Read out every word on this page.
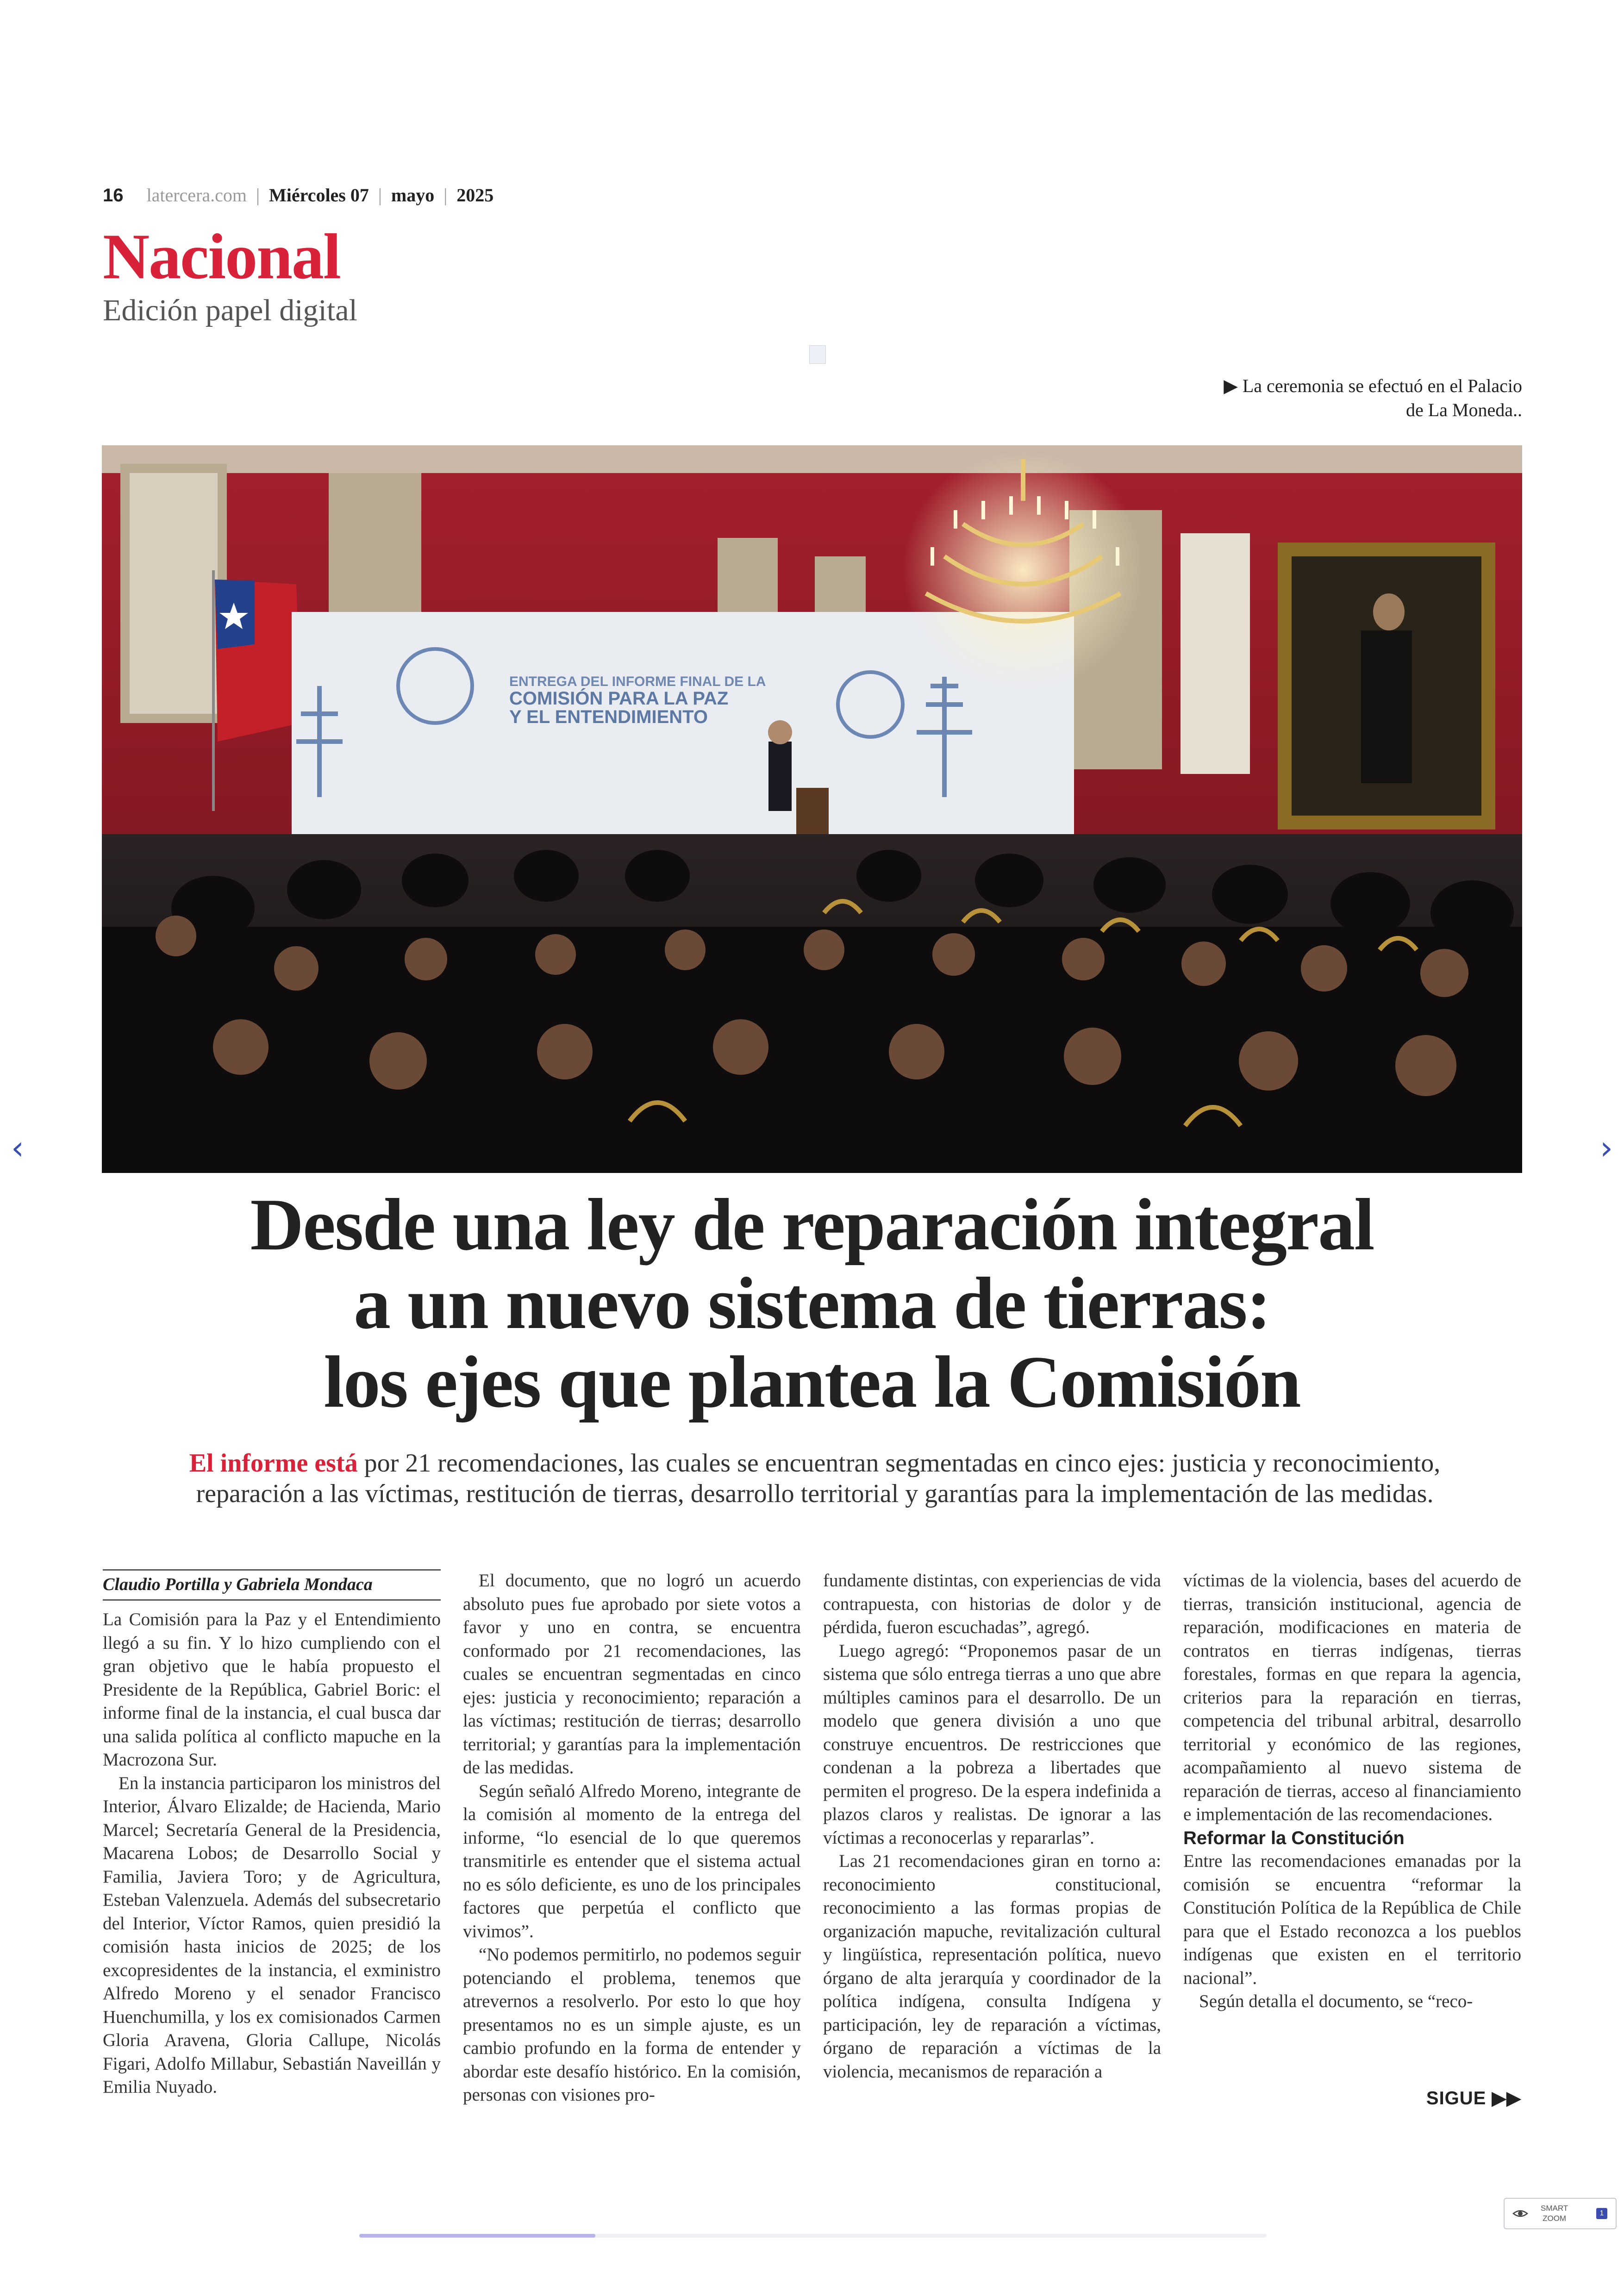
16 latercera.com | Miércoles 07 | mayo | 2025
Nacional
Edición papel digital
▶ La ceremonia se efectuó en el Palacio
de La Moneda..
ENTREGA DEL INFORME FINAL DE LA
COMISIÓN PARA LA PAZ
Y EL ENTENDIMIENTO
‹	›
Desde una ley de reparación integral
a un nuevo sistema de tierras:
los ejes que plantea la Comisión
El informe está por 21 recomendaciones, las cuales se encuentran segmentadas en cinco ejes: justicia y reconocimiento,
reparación a las víctimas, restitución de tierras, desarrollo territorial y garantías para la implementación de las medidas.
Claudio Portilla y Gabriela Mondaca

La Comisión para la Paz y el Entendimiento llegó a su fin. Y lo hizo cumpliendo con el gran objetivo que le había propuesto el Presidente de la República, Gabriel Boric: el informe final de la instancia, el cual busca dar una salida política al conflicto mapuche en la Macrozona Sur.

En la instancia participaron los ministros del Interior, Álvaro Elizalde; de Hacienda, Mario Marcel; Secretaría General de la Presidencia, Macarena Lobos; de Desarrollo Social y Familia, Javiera Toro; y de Agricultura, Esteban Valenzuela. Además del subsecretario del Interior, Víctor Ramos, quien presidió la comisión hasta inicios de 2025; de los excopresidentes de la instancia, el exministro Alfredo Moreno y el senador Francisco Huenchumilla, y los ex comisionados Carmen Gloria Aravena, Gloria Callupe, Nicolás Figari, Adolfo Millabur, Sebastián Naveillán y Emilia Nuyado.

El documento, que no logró un acuerdo absoluto pues fue aprobado por siete votos a favor y uno en contra, se encuentra conformado por 21 recomendaciones, las cuales se encuentran segmentadas en cinco ejes: justicia y reconocimiento; reparación a las víctimas; restitución de tierras; desarrollo territorial; y garantías para la implementación de las medidas.

Según señaló Alfredo Moreno, integrante de la comisión al momento de la entrega del informe, “lo esencial de lo que queremos transmitirle es entender que el sistema actual no es sólo deficiente, es uno de los principales factores que perpetúa el conflicto que vivimos”.

“No podemos permitirlo, no podemos seguir potenciando el problema, tenemos que atrevernos a resolverlo. Por esto lo que hoy presentamos no es un simple ajuste, es un cambio profundo en la forma de entender y abordar este desafío histórico. En la comisión, personas con visiones pro-

fundamente distintas, con experiencias de vida contrapuesta, con historias de dolor y de pérdida, fueron escuchadas”, agregó.

Luego agregó: “Proponemos pasar de un sistema que sólo entrega tierras a uno que abre múltiples caminos para el desarrollo. De un modelo que genera división a uno que construye encuentros. De restricciones que condenan a la pobreza a libertades que permiten el progreso. De la espera indefinida a plazos claros y realistas. De ignorar a las víctimas a reconocerlas y repararlas”.

Las 21 recomendaciones giran en torno a: reconocimiento constitucional, reconocimiento a las formas propias de organización mapuche, revitalización cultural y lingüística, representación política, nuevo órgano de alta jerarquía y coordinador de la política indígena, consulta Indígena y participación, ley de reparación a víctimas, órgano de reparación a víctimas de la violencia, mecanismos de reparación a

víctimas de la violencia, bases del acuerdo de tierras, transición institucional, agencia de reparación, modificaciones en materia de contratos en tierras indígenas, tierras forestales, formas en que repara la agencia, criterios para la reparación en tierras, competencia del tribunal arbitral, desarrollo territorial y económico de las regiones, acompañamiento al nuevo sistema de reparación de tierras, acceso al financiamiento e implementación de las recomendaciones.

Reformar la Constitución

Entre las recomendaciones emanadas por la comisión se encuentra “reformar la Constitución Política de la República de Chile para que el Estado reconozca a los pueblos indígenas que existen en el territorio nacional”.

Según detalla el documento, se “reco-

SIGUE ▶▶
SMART
ZOOM
1
